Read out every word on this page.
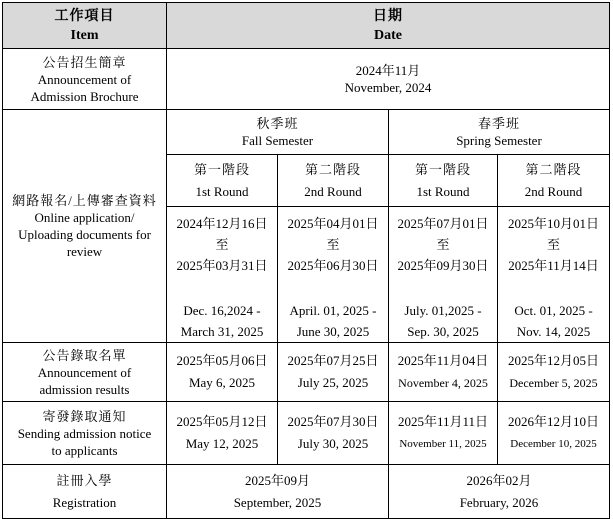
工作項目
Item	日期
Date			

公告招生簡章
Announcement of
Admission Brochure	2024年11月
November, 2024			

網路報名/上傳審查資料
Online application/
Uploading documents for
review	秋季班
Fall Semester		春季班
Spring Semester	

	第一階段
1st Round	第二階段
2nd Round	第一階段
1st Round	第二階段
2nd Round

	2024年12月16日
至
2025年03月31日
Dec. 16,2024 -
March 31, 2025	2025年04月01日
至
2025年06月30日
April. 01, 2025 -
June 30, 2025	2025年07月01日
至
2025年09月30日
July. 01,2025 -
Sep. 30, 2025	2025年10月01日
至
2025年11月14日
Oct. 01, 2025 -
Nov. 14, 2025

公告錄取名單
Announcement of
admission results	2025年05月06日
May 6, 2025	2025年07月25日
July 25, 2025	2025年11月04日
November 4, 2025	2025年12月05日
December 5, 2025

寄發錄取通知
Sending admission notice
to applicants	2025年05月12日
May 12, 2025	2025年07月30日
July 30, 2025	2025年11月11日
November 11, 2025	2026年12月10日
December 10, 2025

註冊入學
Registration	2025年09月
September, 2025		2026年02月
February, 2026	
